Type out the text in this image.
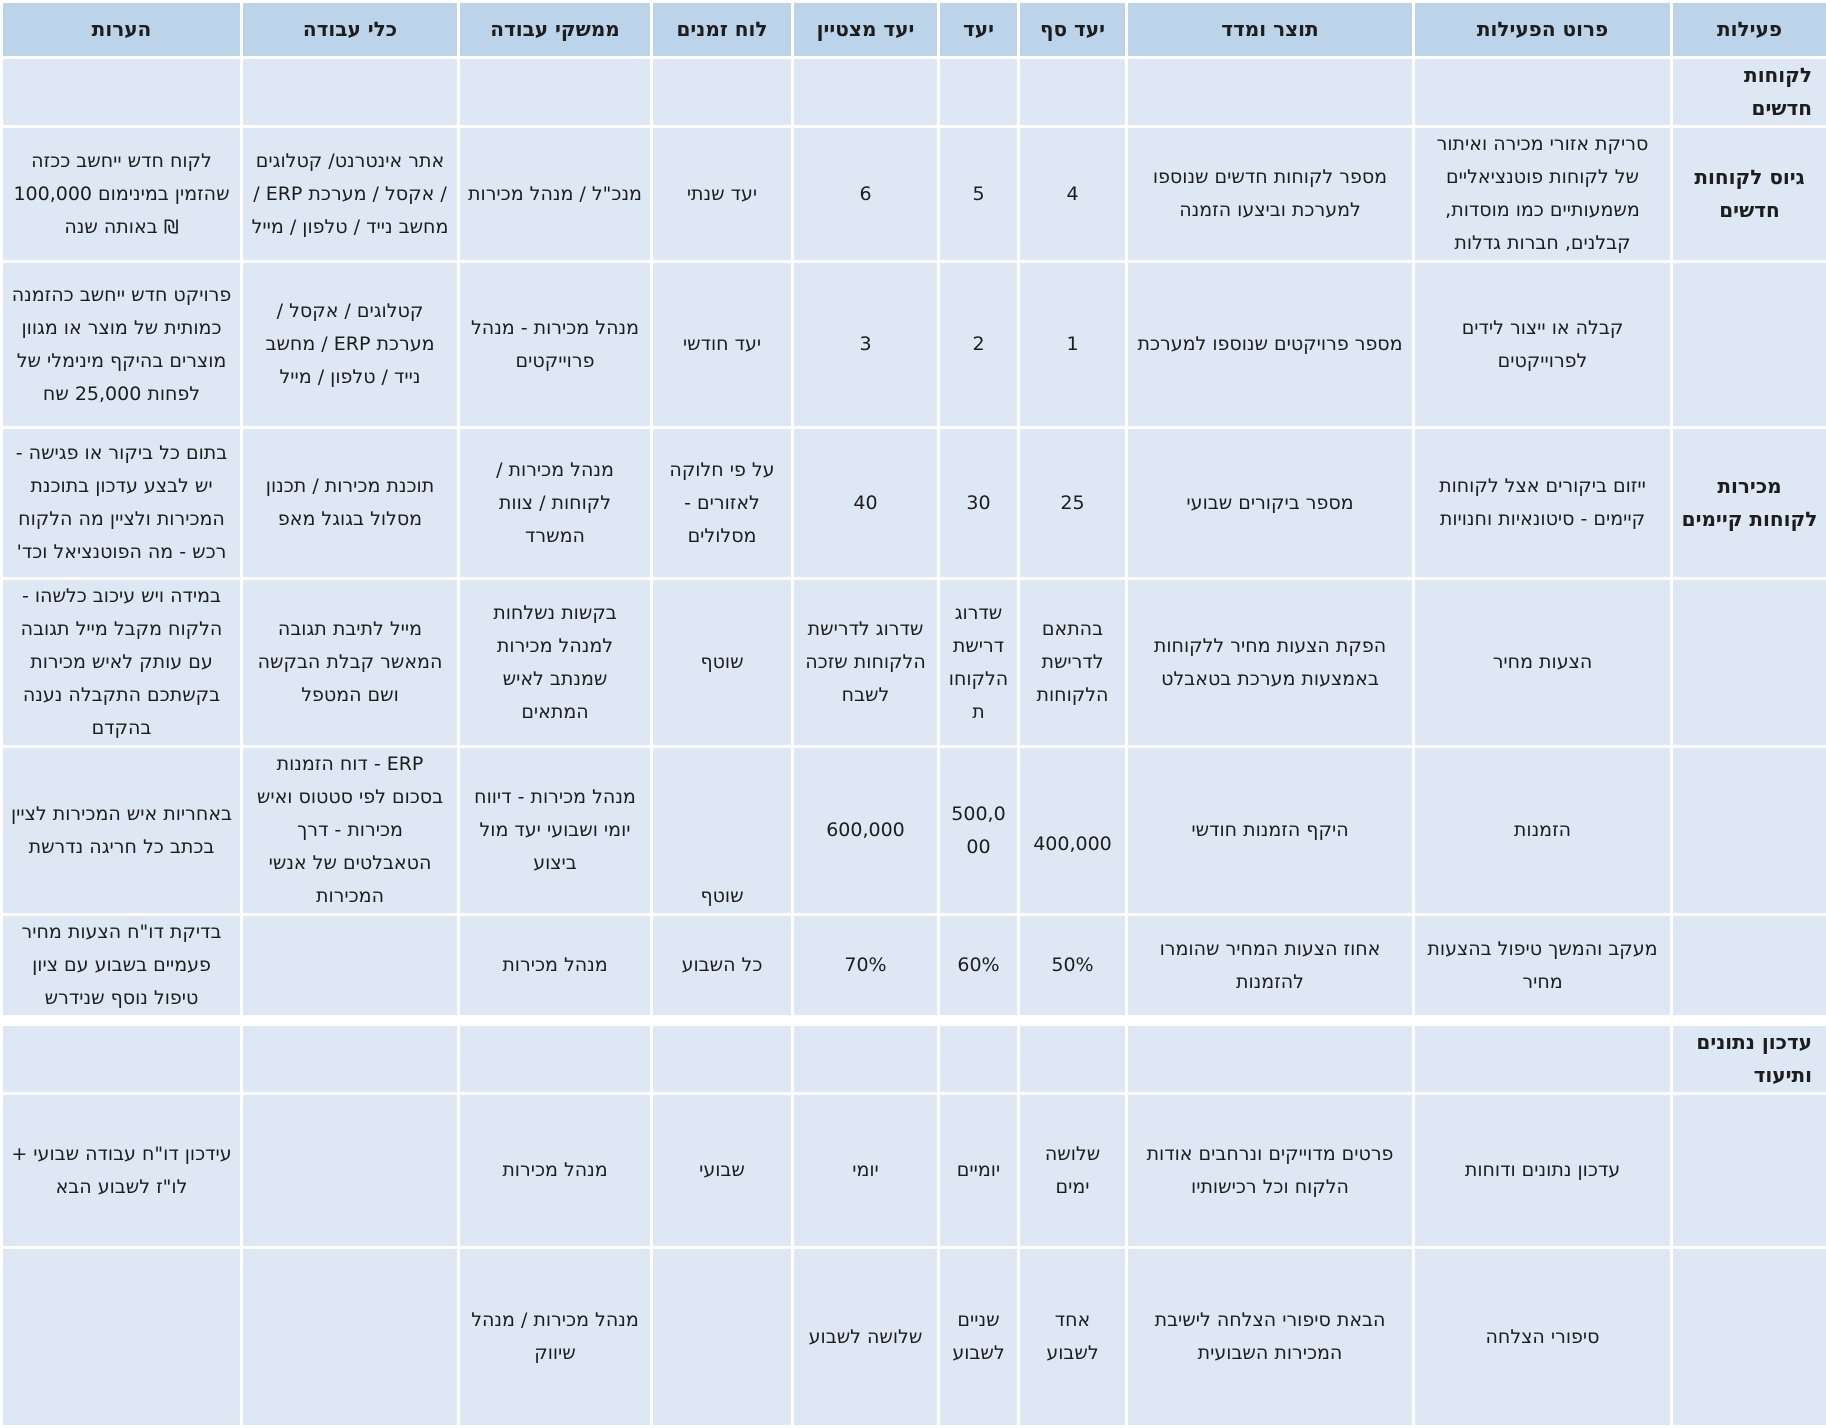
פעילות	פרוט הפעילות	תוצר ומדד	יעד סף	יעד	יעד מצטיין	לוח זמנים	ממשקי עבודה	כלי עבודה	הערות
לקוחות חדשים									
גיוס לקוחות חדשים	סריקת אזורי מכירה ואיתור של לקוחות פוטנציאליים משמעותיים כמו מוסדות, קבלנים, חברות גדלות	מספר לקוחות חדשים שנוספו למערכת וביצעו הזמנה	4	5	6	יעד שנתי	מנכ"ל / מנהל מכירות	אתר אינטרנט/ קטלוגים / אקסל / מערכת ERP / מחשב נייד / טלפון / מייל	לקוח חדש ייחשב ככזה שהזמין במינימום 100,000 ₪ באותה שנה
	קבלה או ייצור לידים לפרוייקטים	מספר פרויקטים שנוספו למערכת	1	2	3	יעד חודשי	מנהל מכירות - מנהל פרוייקטים	קטלוגים / אקסל / מערכת ERP / מחשב נייד / טלפון / מייל	פרויקט חדש ייחשב כהזמנה כמותית של מוצר או מגוון מוצרים בהיקף מינימלי של לפחות 25,000 שח
מכירות לקוחות קיימים	ייזום ביקורים אצל לקוחות קיימים - סיטונאיות וחנויות	מספר ביקורים שבועי	25	30	40	על פי חלוקה לאזורים - מסלולים	מנהל מכירות / לקוחות / צוות המשרד	תוכנת מכירות / תכנון מסלול בגוגל מאפ	בתום כל ביקור או פגישה - יש לבצע עדכון בתוכנת המכירות ולציין מה הלקוח רכש - מה הפוטנציאל וכד'
	הצעות מחיר	הפקת הצעות מחיר ללקוחות באמצעות מערכת בטאבלט	בהתאם לדרישת הלקוחות	שדרוג דרישת הלקוחות	שדרוג לדרישת הלקוחות שזכה לשבח	שוטף	בקשות נשלחות למנהל מכירות שמנתב לאיש המתאים	מייל לתיבת תגובה המאשר קבלת הבקשה ושם המטפל	במידה ויש עיכוב כלשהו - הלקוח מקבל מייל תגובה עם עותק לאיש מכירות בקשתכם התקבלה נענה בהקדם
	הזמנות	היקף הזמנות חודשי	400,000	500,000	600,000	שוטף	מנהל מכירות - דיווח יומי ושבועי יעד מול ביצוע	ERP - דוח הזמנות בסכום לפי סטטוס ואיש מכירות - דרך הטאבלטים של אנשי המכירות	באחריות איש המכירות לציין בכתב כל חריגה נדרשת
	מעקב והמשך טיפול בהצעות מחיר	אחוז הצעות המחיר שהומרו להזמנות	50%	60%	70%	כל השבוע	מנהל מכירות		בדיקת דו"ח הצעות מחיר פעמיים בשבוע עם ציון טיפול נוסף שנידרש

עדכון נתונים ותיעוד									
	עדכון נתונים ודוחות	פרטים מדוייקים ונרחבים אודות הלקוח וכל רכישותיו	שלושה ימים	יומיים	יומי	שבועי	מנהל מכירות		עידכון דו"ח עבודה שבועי + לו"ז לשבוע הבא
	סיפורי הצלחה	הבאת סיפורי הצלחה לישיבת המכירות השבועית	אחד לשבוע	שניים לשבוע	שלושה לשבוע		מנהל מכירות / מנהל שיווק		
